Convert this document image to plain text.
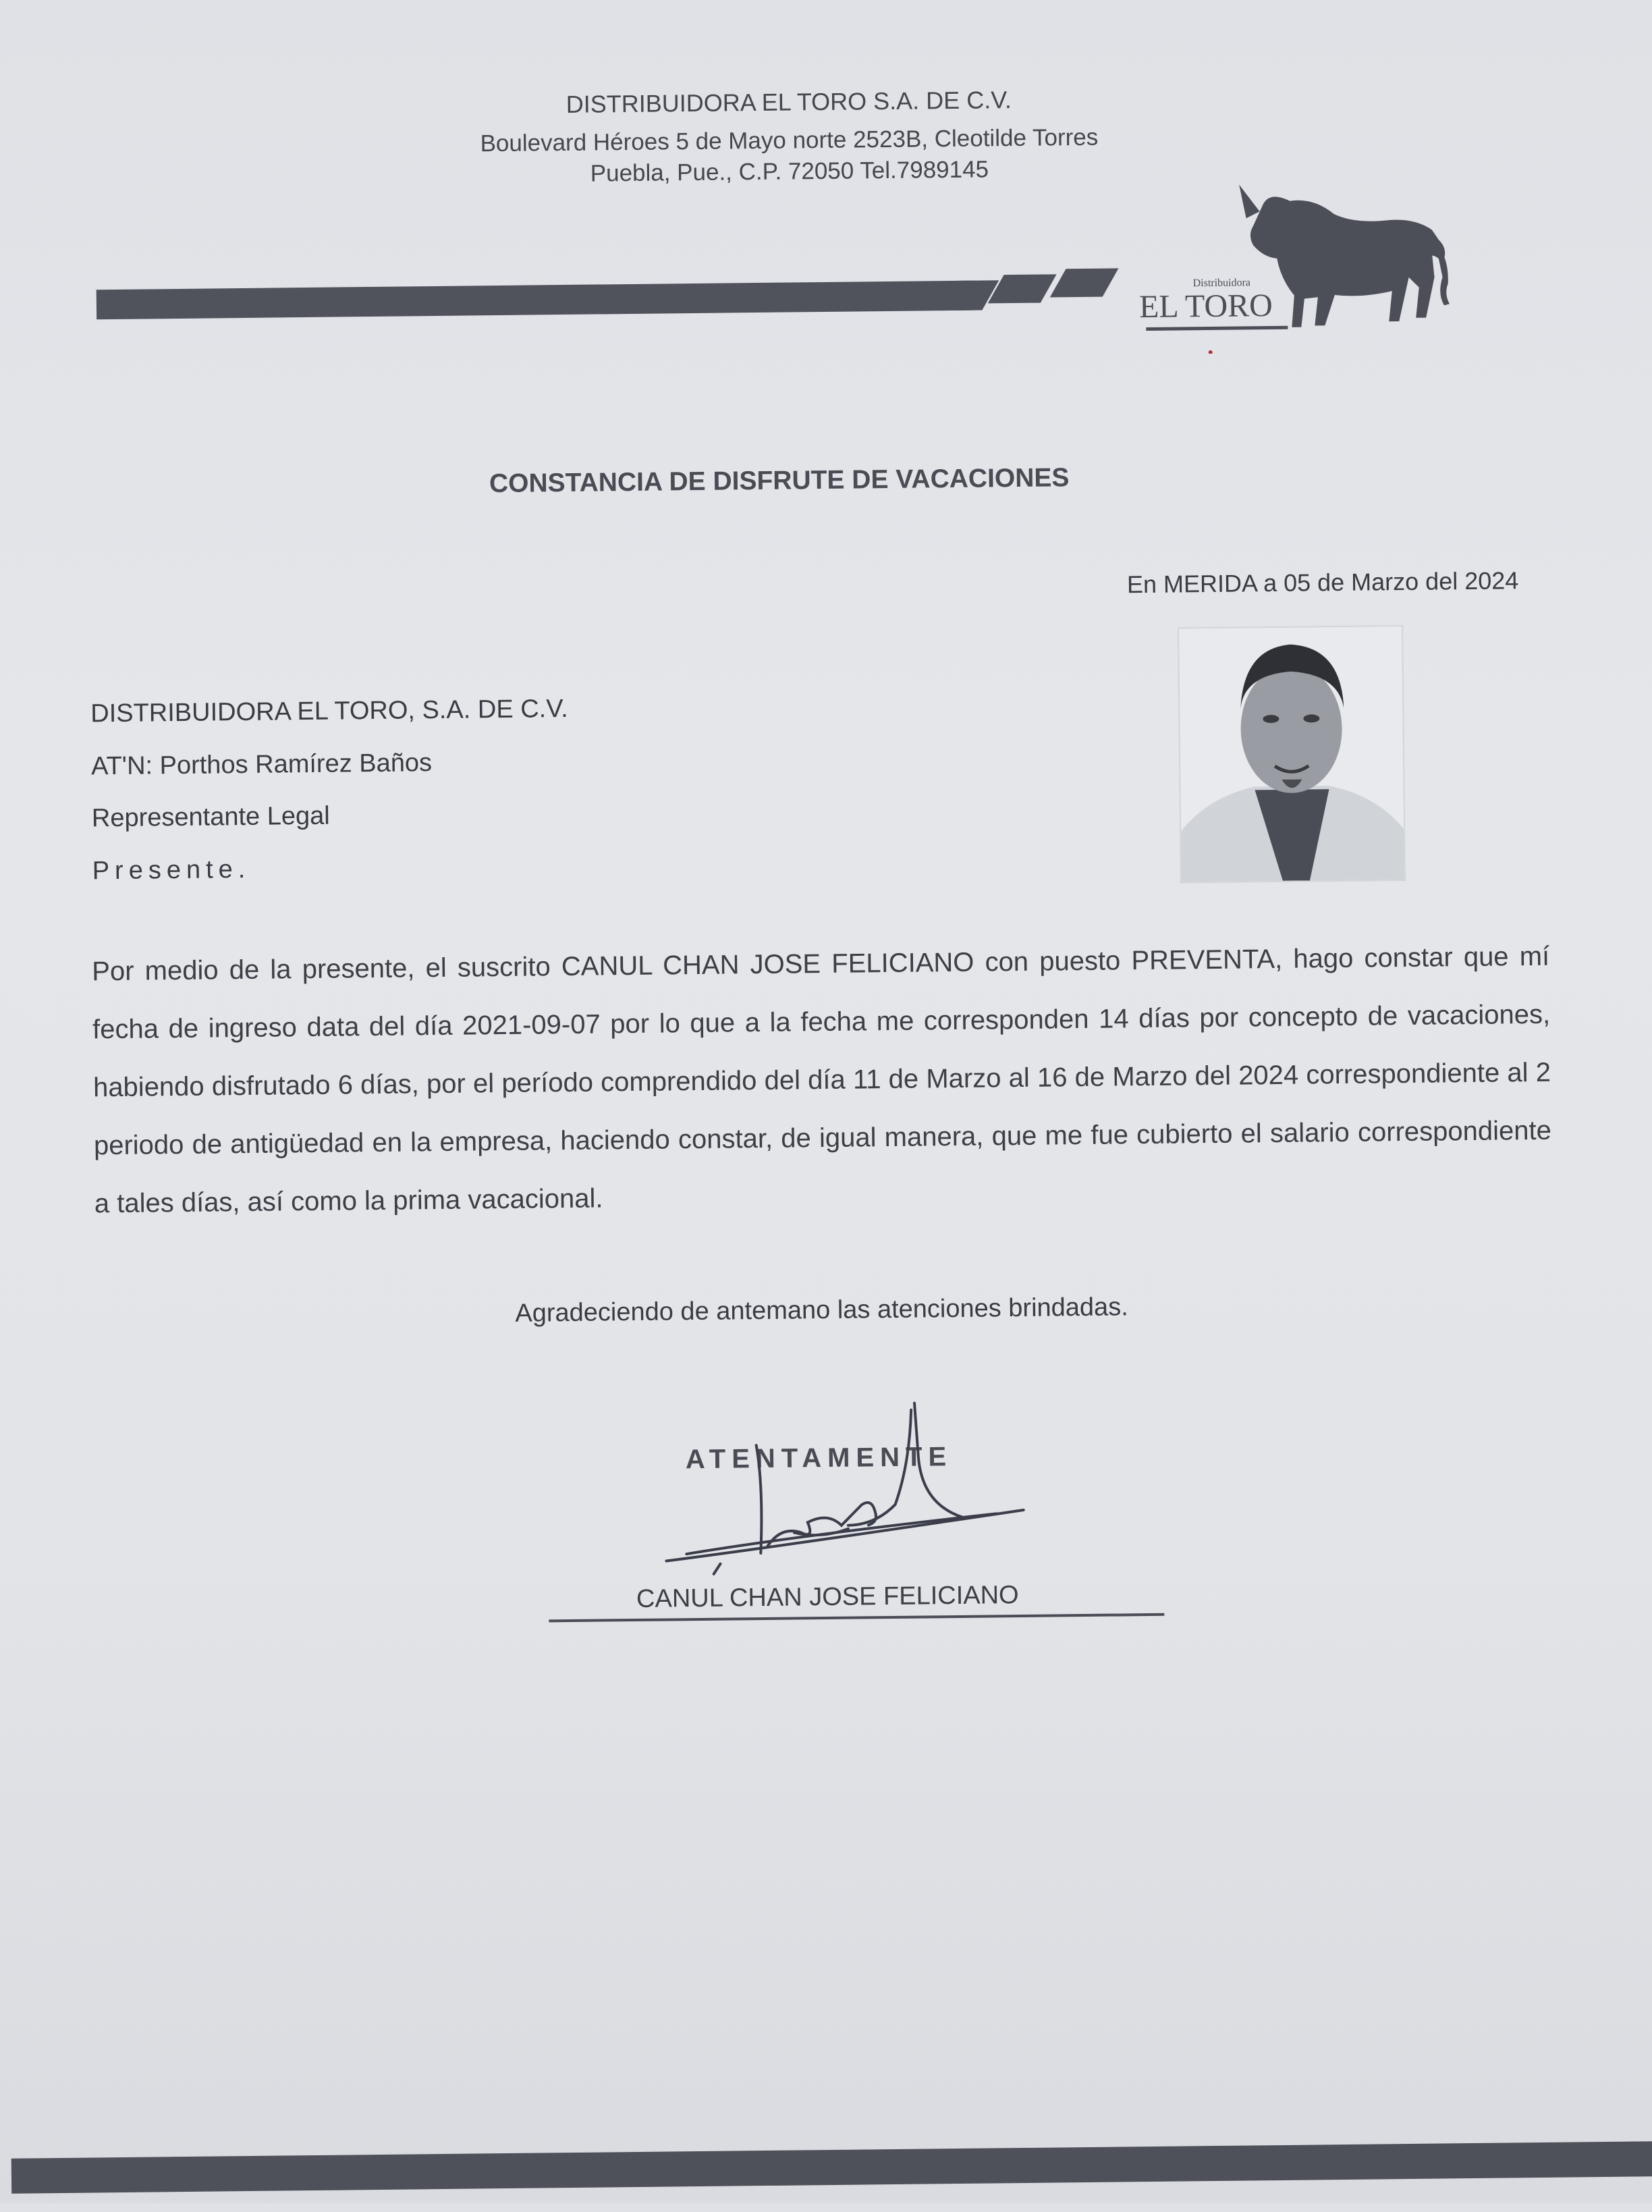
DISTRIBUIDORA EL TORO S.A. DE C.V.
Boulevard Héroes 5 de Mayo norte 2523B, Cleotilde Torres
Puebla, Pue., C.P. 72050 Tel.7989145
Distribuidora
EL TORO
CONSTANCIA DE DISFRUTE DE VACACIONES
En MERIDA a 05 de Marzo del 2024
DISTRIBUIDORA EL TORO, S.A. DE C.V.
AT'N: Porthos Ramírez Baños
Representante Legal
Presente.
Por medio de la presente, el suscrito CANUL CHAN JOSE FELICIANO con puesto PREVENTA, hago constar que mí fecha de ingreso data del día 2021-09-07 por lo que a la fecha me corresponden 14 días por concepto de vacaciones, habiendo disfrutado 6 días, por el período comprendido del día 11 de Marzo al 16 de Marzo del 2024 correspondiente al 2 periodo de antigüedad en la empresa, haciendo constar, de igual manera, que me fue cubierto el salario correspondiente a tales días, así como la prima vacacional.
Agradeciendo de antemano las atenciones brindadas.
ATENTAMENTE
CANUL CHAN JOSE FELICIANO
